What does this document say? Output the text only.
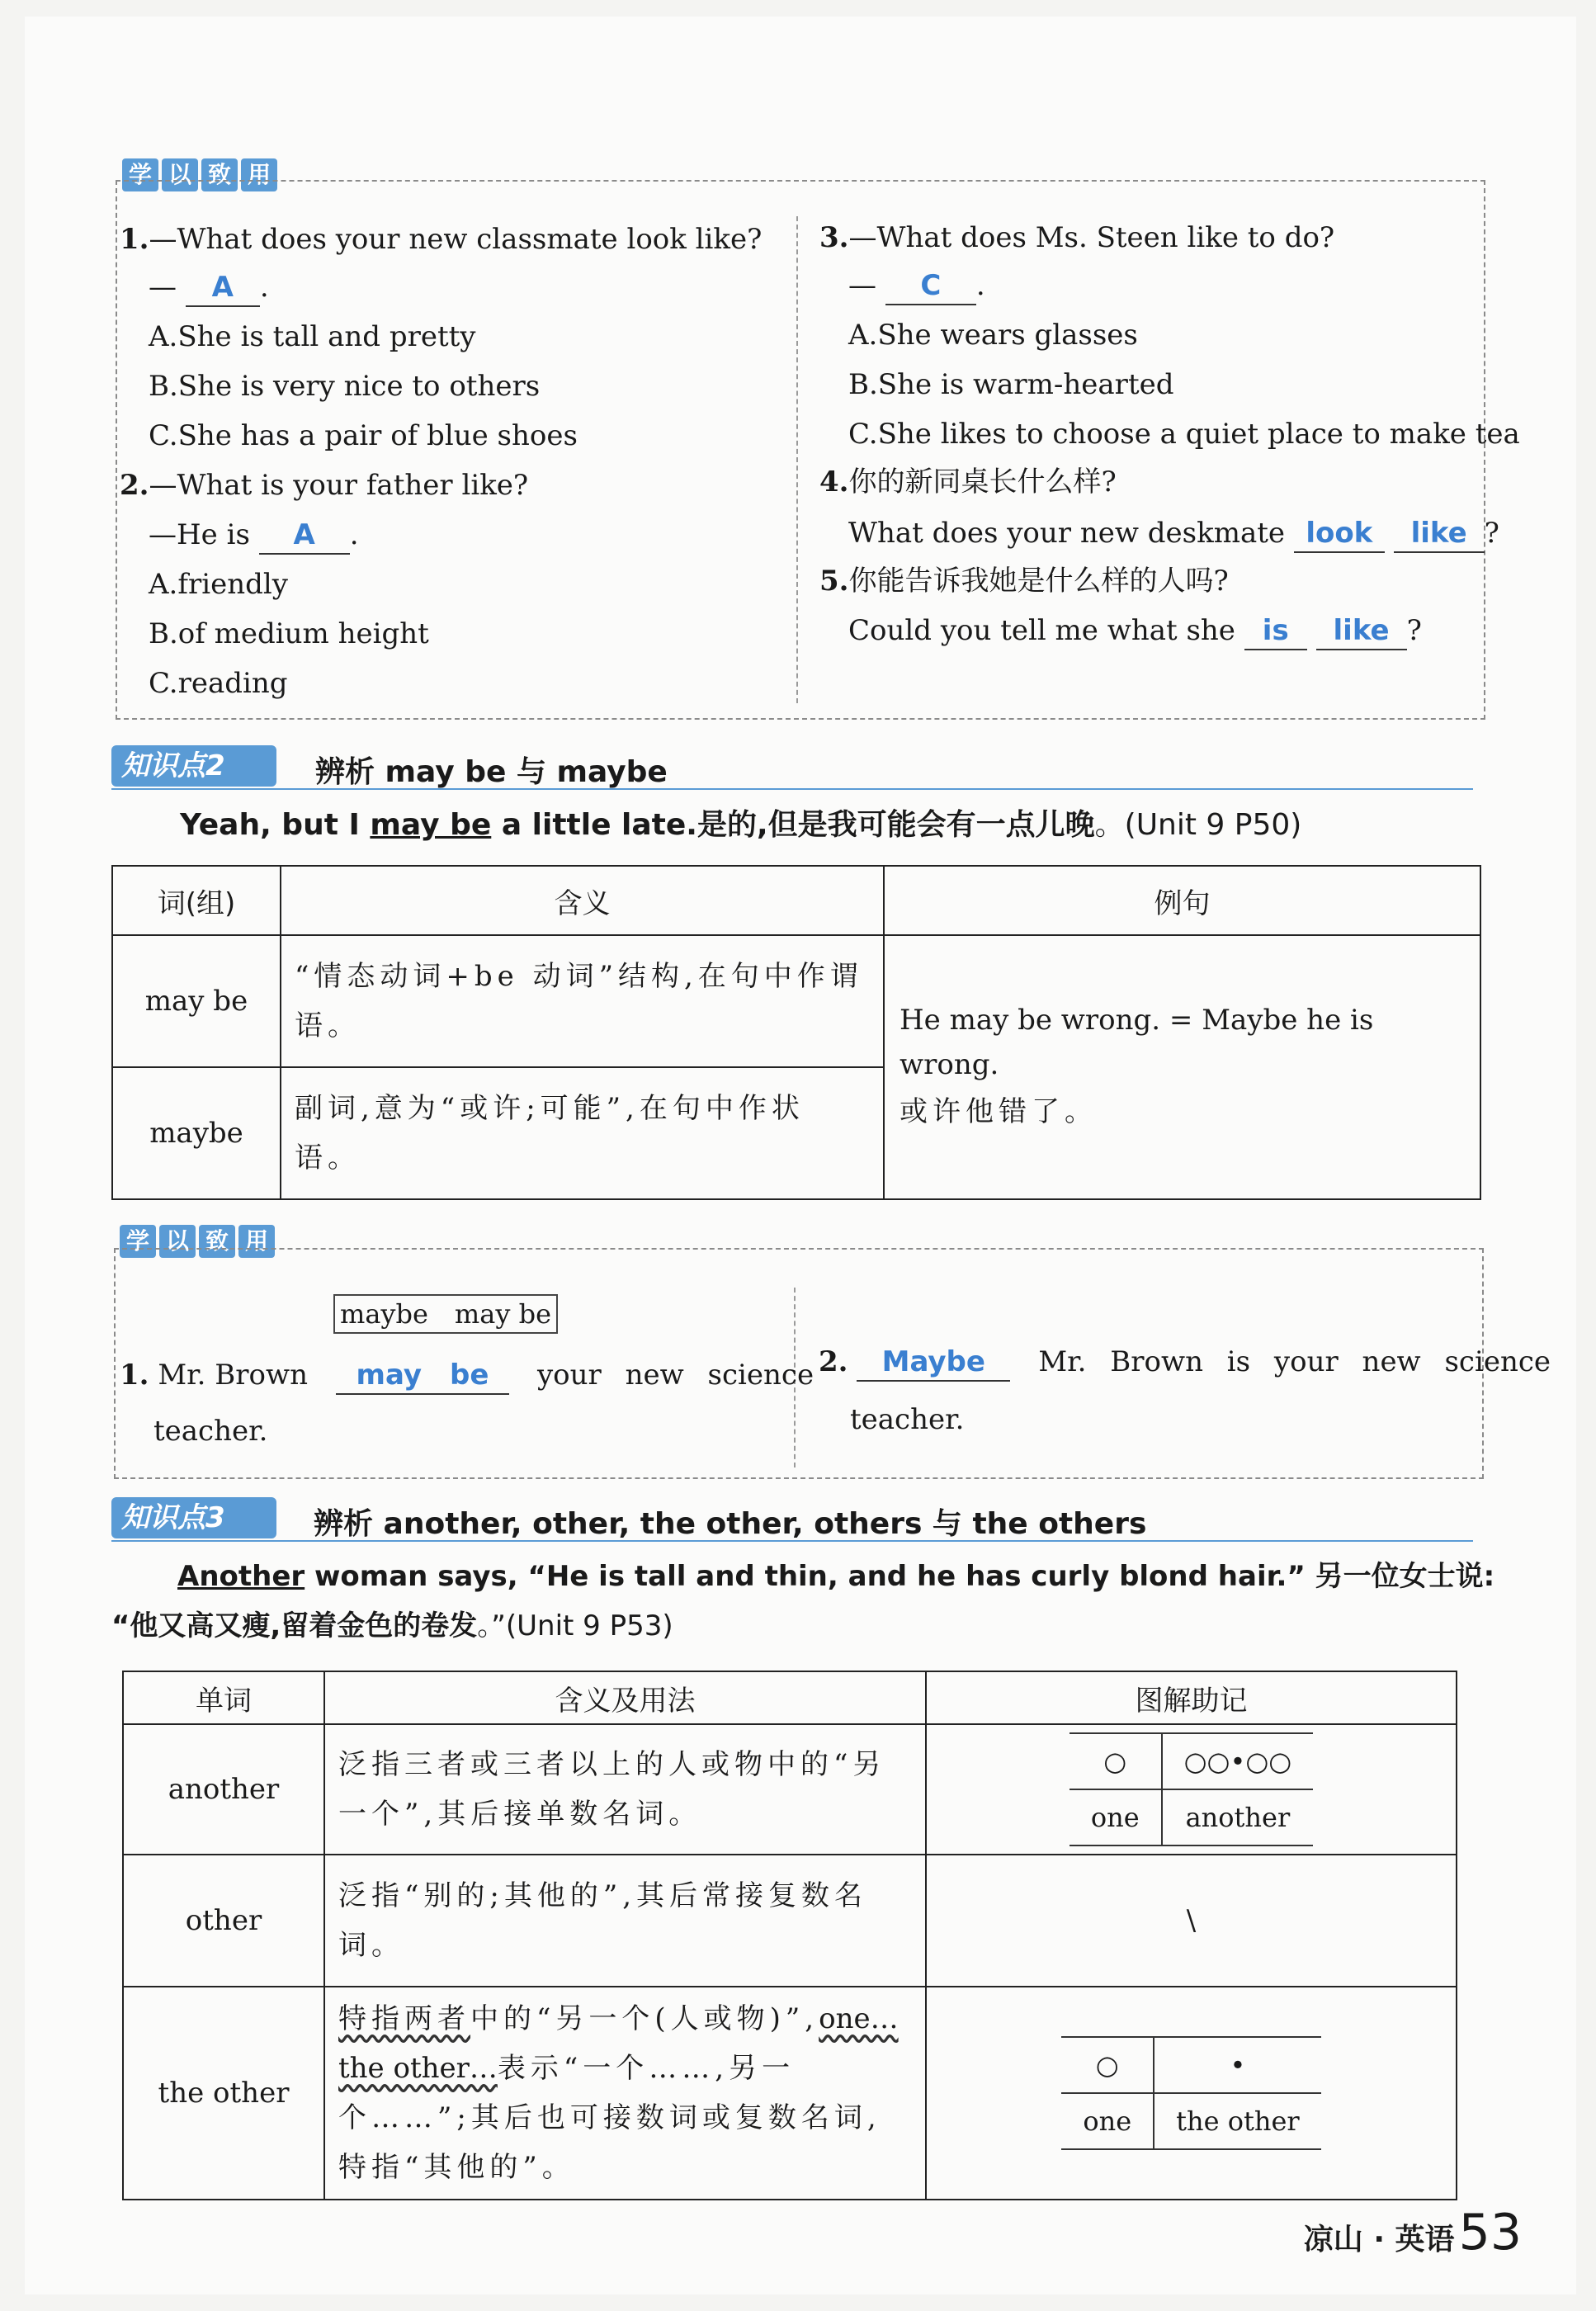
学 以 致 用
1.—What does your new classmate look like?
— A .
A.She is tall and pretty
B.She is very nice to others
C.She has a pair of blue shoes
2.—What is your father like?
—He is A .
A.friendly
B.of medium height
C.reading
3.—What does Ms. Steen like to do?
— C .
A.She wears glasses
B.She is warm-hearted
C.She likes to choose a quiet place to make tea
4.你的新同桌长什么样?
What does your new deskmate look like ?
5.你能告诉我她是什么样的人吗?
Could you tell me what she is like ?
知识点2	辨析 may be 与 maybe
Yeah, but I may be a little late.是的,但是我可能会有一点儿晚。(Unit 9 P50)
词(组)	含义	例句
may be	“情态动词+be 动词”结构,在句中作谓语。	He may be wrong. = Maybe he is wrong.
或许他错了。

maybe	副词,意为“或许;可能”,在句中作状语。	
学 以 致 用
maybe　may be
1. Mr. Brown　 may　be　 your new science
teacher.
2. Maybe　 Mr. Brown is your new science
teacher.
知识点3	辨析 another, other, the other, others 与 the others
Another woman says, “He is tall and thin, and he has curly blond hair.” 另一位女士说:
“他又高又瘦,留着金色的卷发。”(Unit 9 P53)
单词	含义及用法	图解助记
another	泛指三者或三者以上的人或物中的“另一个”,其后接单数名词。	
○	○○•○○
one	another

other	泛指“别的;其他的”,其后常接复数名词。	\
the other	特指两者中的“另一个(人或物)”,one… the other…表示“一个……,另一个……”;其后也可接数词或复数名词,特指“其他的”。	
○	•
one	the other
凉山 · 英语 53
